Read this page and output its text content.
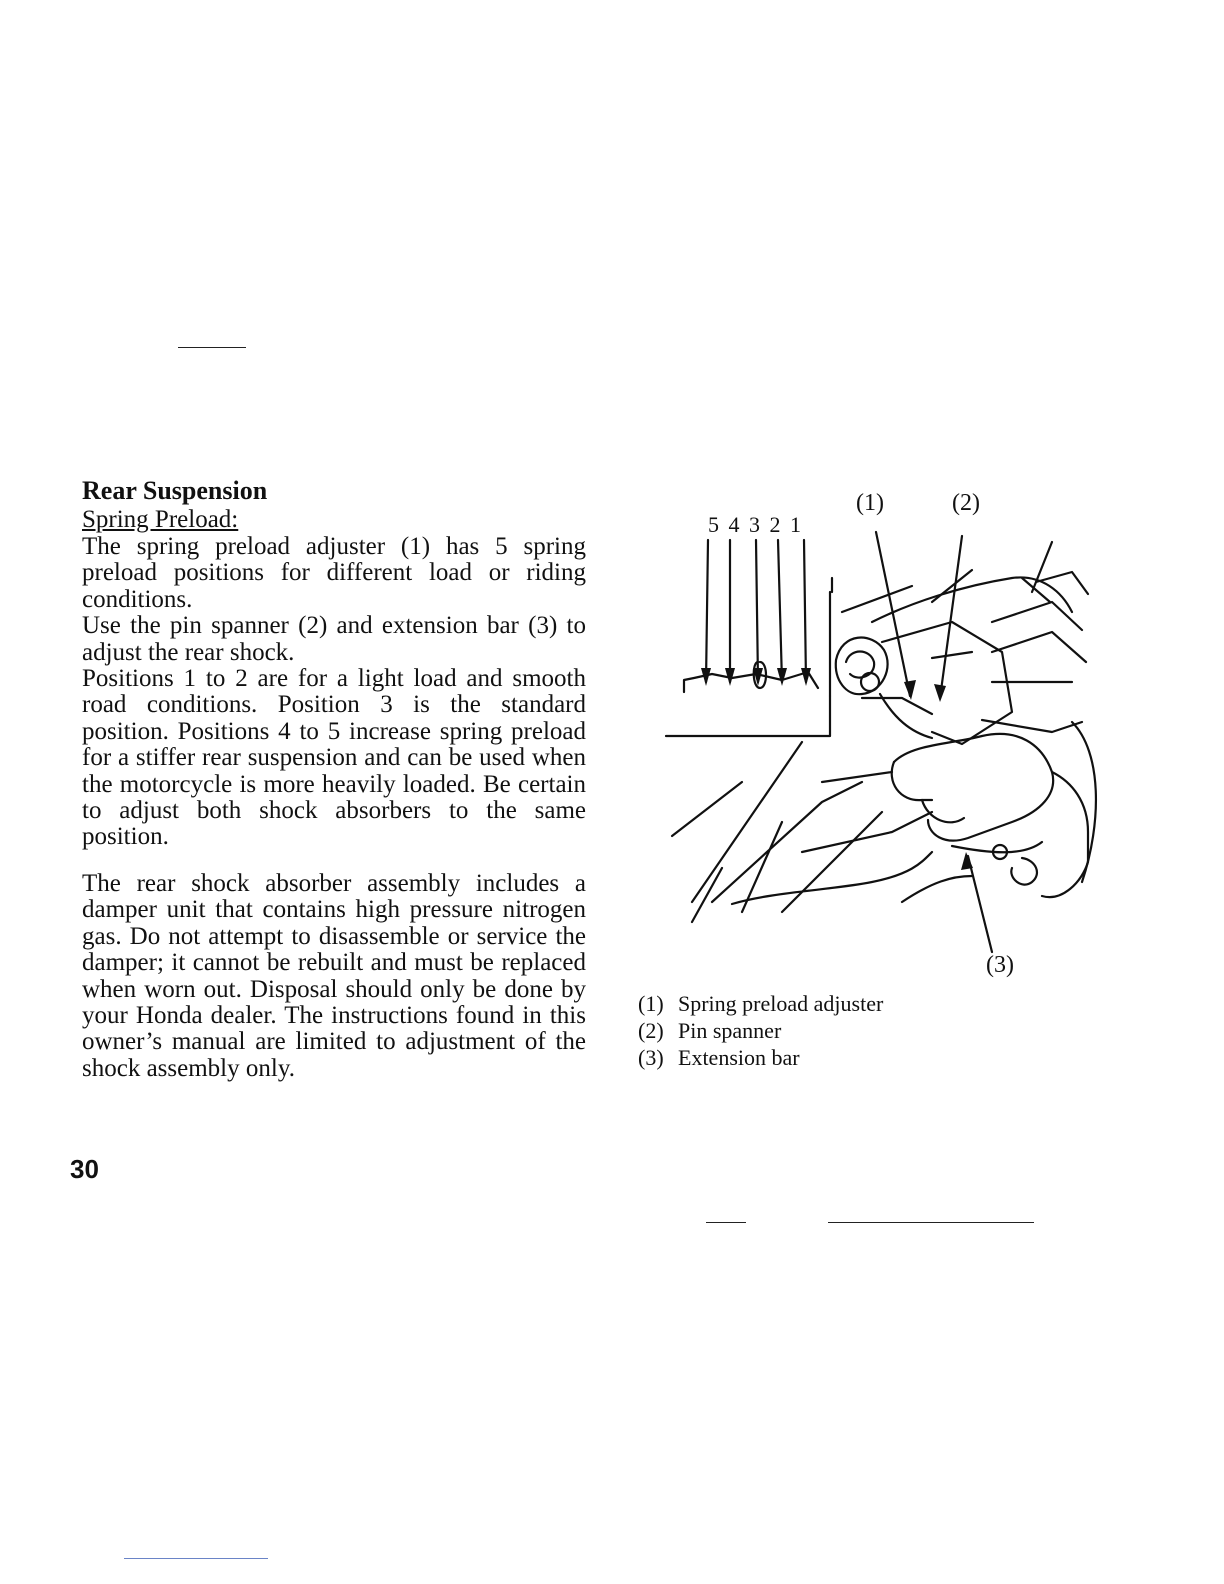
Rear Suspension

Spring Preload:

The spring preload adjuster (1) has 5 spring preload positions for different load or riding conditions.

Use the pin spanner (2) and extension bar (3) to adjust the rear shock.

Positions 1 to 2 are for a light load and smooth road conditions. Position 3 is the standard position. Positions 4 to 5 increase spring preload for a stiffer rear suspension and can be used when the motorcycle is more heavily loaded. Be certain to adjust both shock absorbers to the same position.

The rear shock absorber assembly includes a damper unit that contains high pressure nitrogen gas. Do not attempt to disassemble or service the damper; it cannot be rebuilt and must be replaced when worn out. Disposal should only be done by your Honda dealer. The instructions found in this owner’s manual are limited to adjustment of the shock assembly only.

30
5 4 3 2 1
(1)	(2)
(3)
(1) Spring preload adjuster
(2) Pin spanner
(3) Extension bar
